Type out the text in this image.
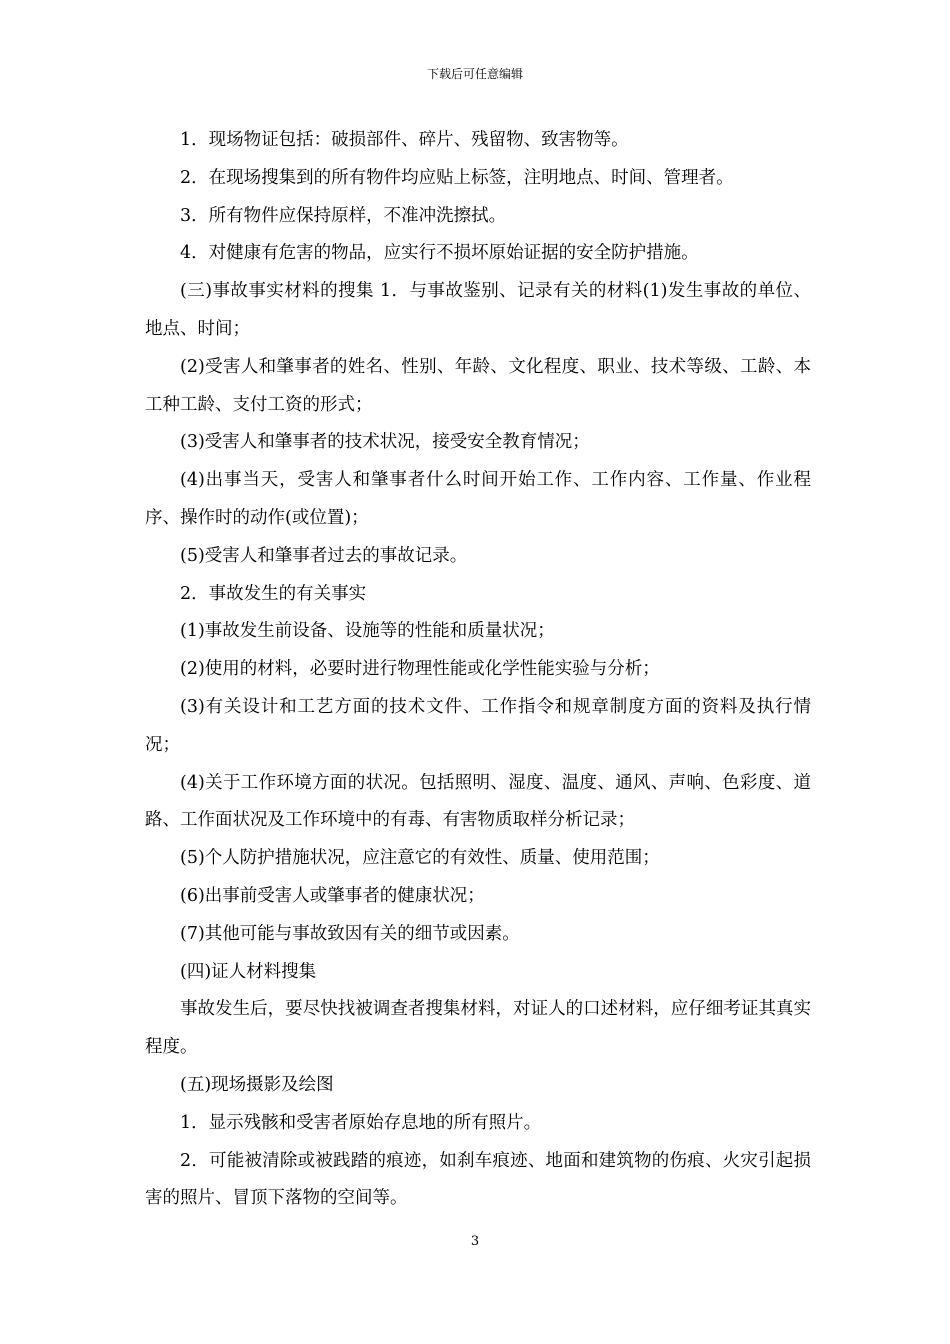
下载后可任意编辑

1．现场物证包括：破损部件、碎片、残留物、致害物等。

2．在现场搜集到的所有物件均应贴上标签，注明地点、时间、管理者。

3．所有物件应保持原样，不准冲洗擦拭。

4．对健康有危害的物品，应实行不损坏原始证据的安全防护措施。

(三)事故事实材料的搜集 1．与事故鉴别、记录有关的材料(1)发生事故的单位、地点、时间；

(2)受害人和肇事者的姓名、性别、年龄、文化程度、职业、技术等级、工龄、本工种工龄、支付工资的形式；

(3)受害人和肇事者的技术状况，接受安全教育情况；

(4)出事当天，受害人和肇事者什么时间开始工作、工作内容、工作量、作业程序、操作时的动作(或位置)；

(5)受害人和肇事者过去的事故记录。

2．事故发生的有关事实

(1)事故发生前设备、设施等的性能和质量状况；

(2)使用的材料，必要时进行物理性能或化学性能实验与分析；

(3)有关设计和工艺方面的技术文件、工作指令和规章制度方面的资料及执行情况；

(4)关于工作环境方面的状况。包括照明、湿度、温度、通风、声响、色彩度、道路、工作面状况及工作环境中的有毒、有害物质取样分析记录；

(5)个人防护措施状况，应注意它的有效性、质量、使用范围；

(6)出事前受害人或肇事者的健康状况；

(7)其他可能与事故致因有关的细节或因素。

(四)证人材料搜集

事故发生后，要尽快找被调查者搜集材料，对证人的口述材料，应仔细考证其真实程度。

(五)现场摄影及绘图

1．显示残骸和受害者原始存息地的所有照片。

2．可能被清除或被践踏的痕迹，如刹车痕迹、地面和建筑物的伤痕、火灾引起损害的照片、冒顶下落物的空间等。

3
